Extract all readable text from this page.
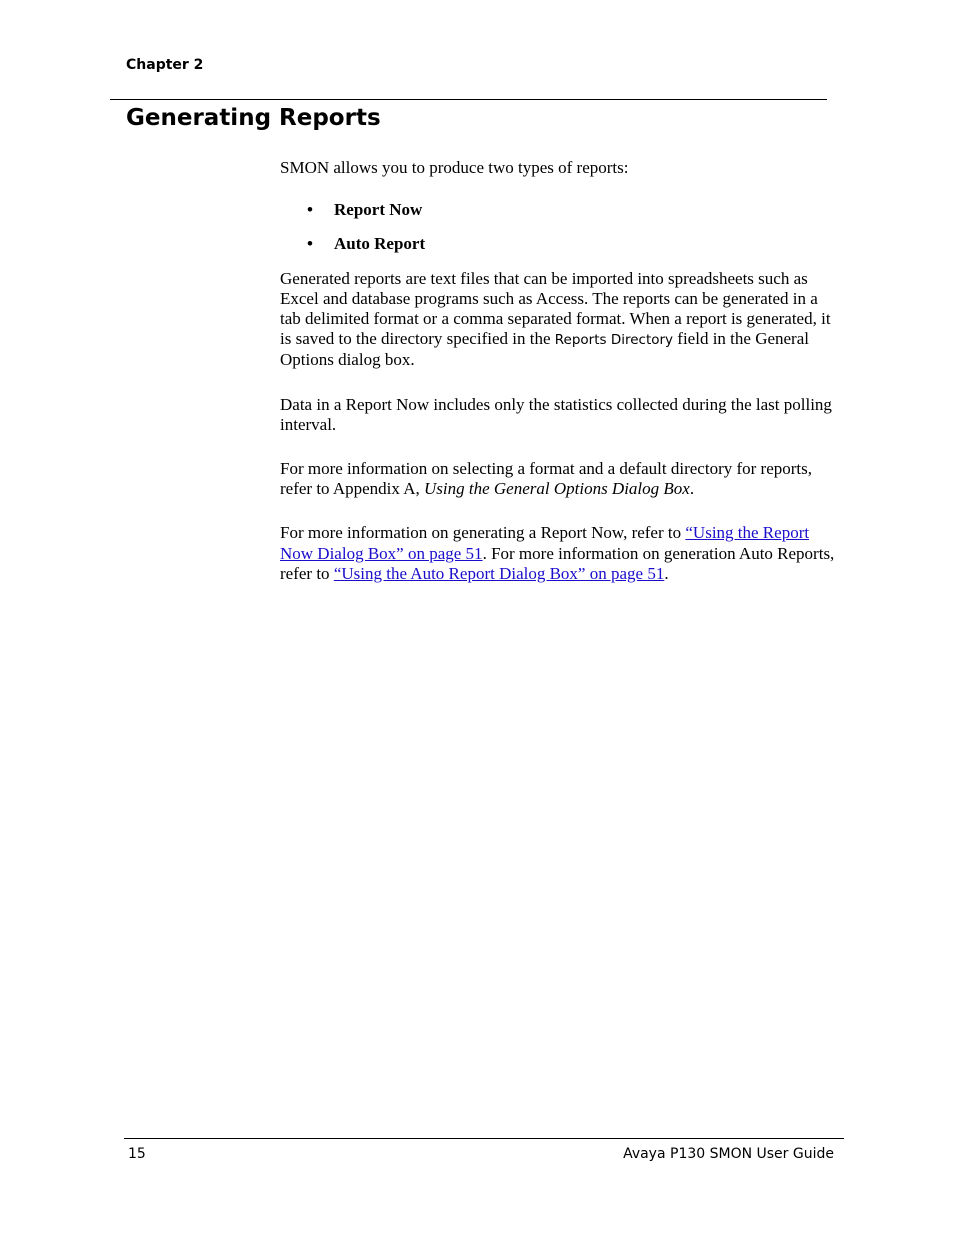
Chapter 2
Generating Reports

SMON allows you to produce two types of reports:

• Report Now
• Auto Report

Generated reports are text files that can be imported into spreadsheets such as Excel and database programs such as Access. The reports can be generated in a tab delimited format or a comma separated format. When a report is generated, it is saved to the directory specified in the Reports Directory field in the General Options dialog box.

Data in a Report Now includes only the statistics collected during the last polling interval.

For more information on selecting a format and a default directory for reports, refer to Appendix A, Using the General Options Dialog Box.

For more information on generating a Report Now, refer to “Using the Report Now Dialog Box” on page 51. For more information on generation Auto Reports, refer to “Using the Auto Report Dialog Box” on page 51.

15	Avaya P130 SMON User Guide
